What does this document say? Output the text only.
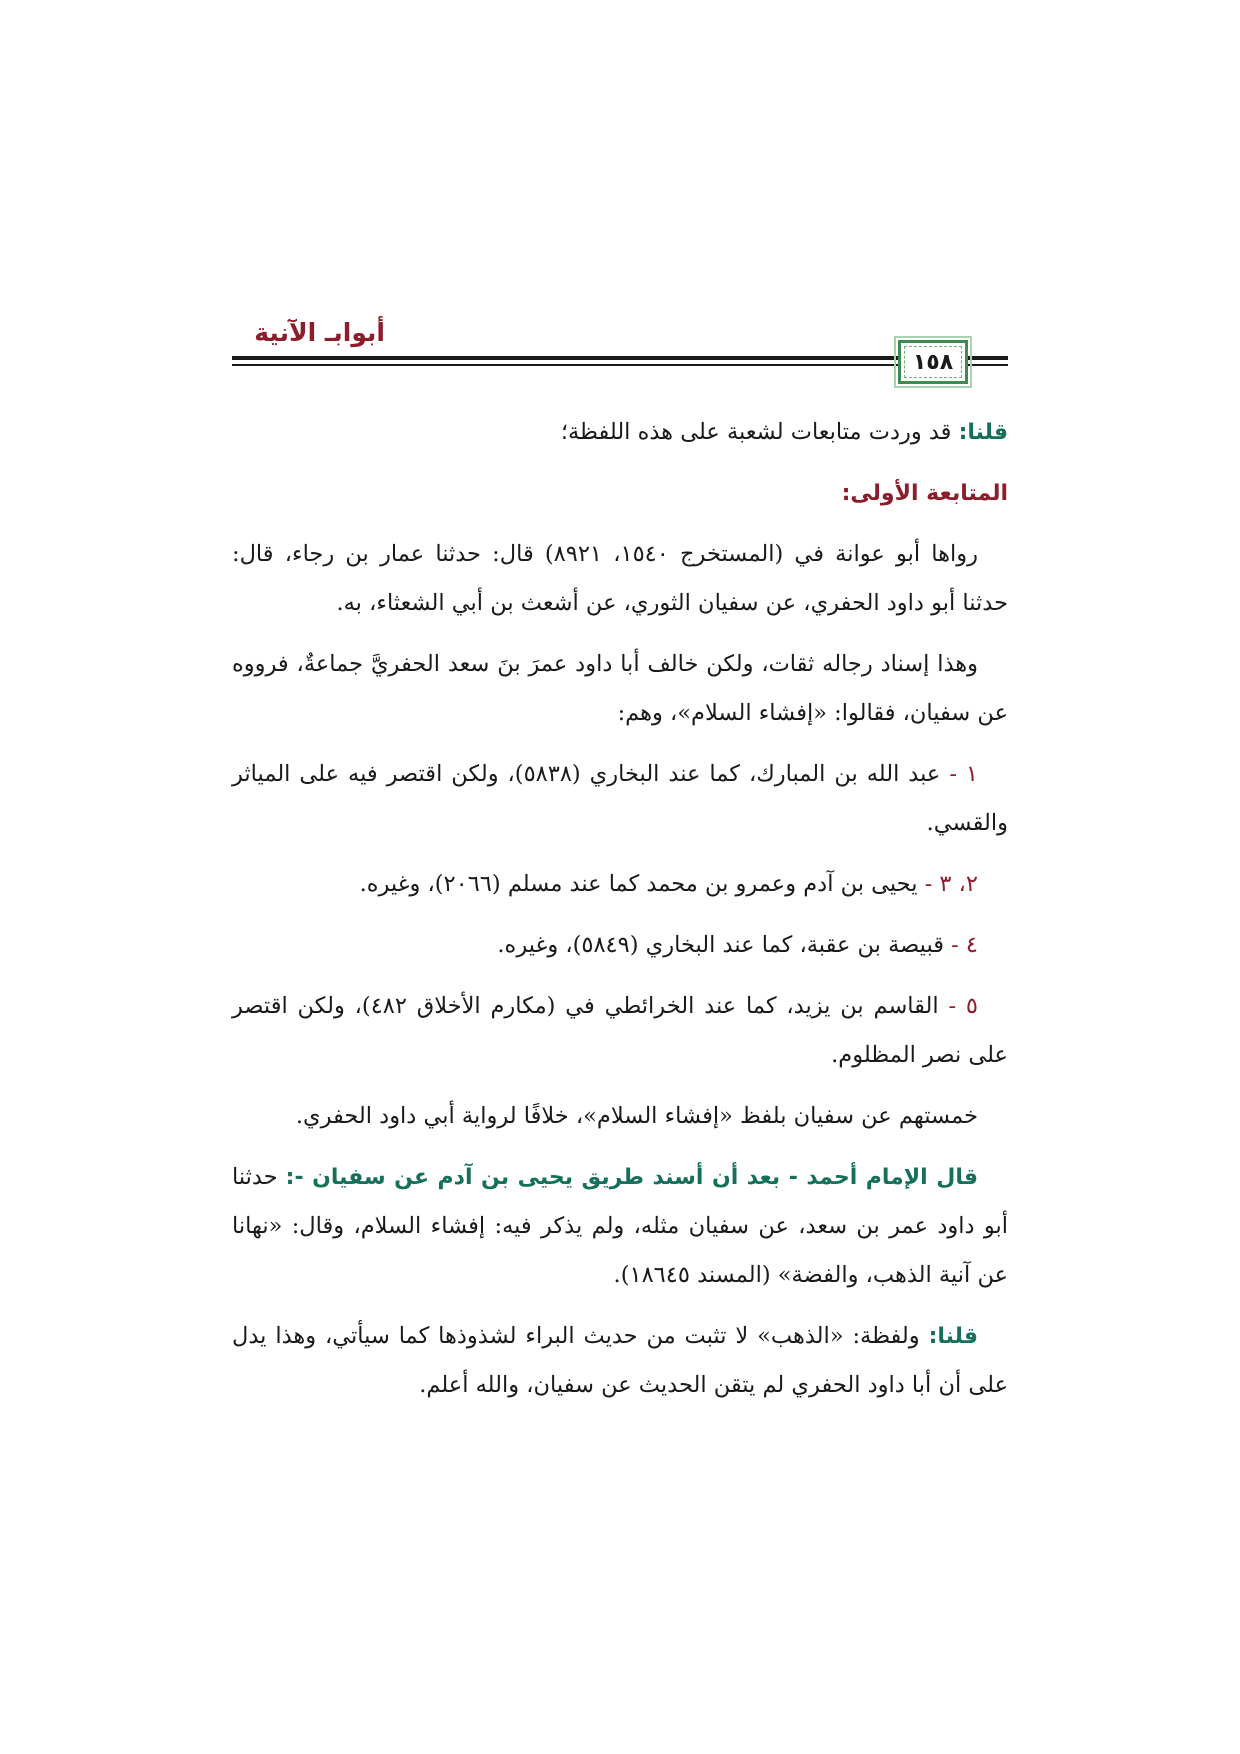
أبوابـ الآنية
١٥٨

قلنا: قد وردت متابعات لشعبة على هذه اللفظة؛

المتابعة الأولى:

رواها أبو عوانة في (المستخرج ١٥٤٠، ٨٩٢١) قال: حدثنا عمار بن رجاء، قال: حدثنا أبو داود الحفري، عن سفيان الثوري، عن أشعث بن أبي الشعثاء، به.

وهذا إسناد رجاله ثقات، ولكن خالف أبا داود عمرَ بنَ سعد الحفريَّ جماعةٌ، فرووه عن سفيان، فقالوا: «إفشاء السلام»، وهم:

١ - عبد الله بن المبارك، كما عند البخاري (٥٨٣٨)، ولكن اقتصر فيه على المياثر والقسي.

٢، ٣ - يحيى بن آدم وعمرو بن محمد كما عند مسلم (٢٠٦٦)، وغيره.

٤ - قبيصة بن عقبة، كما عند البخاري (٥٨٤٩)، وغيره.

٥ - القاسم بن يزيد، كما عند الخرائطي في (مكارم الأخلاق ٤٨٢)، ولكن اقتصر على نصر المظلوم.

خمستهم عن سفيان بلفظ «إفشاء السلام»، خلافًا لرواية أبي داود الحفري.

قال الإمام أحمد - بعد أن أسند طريق يحيى بن آدم عن سفيان -: حدثنا أبو داود عمر بن سعد، عن سفيان مثله، ولم يذكر فيه: إفشاء السلام، وقال: «نهانا عن آنية الذهب، والفضة» (المسند ١٨٦٤٥).

قلنا: ولفظة: «الذهب» لا تثبت من حديث البراء لشذوذها كما سيأتي، وهذا يدل على أن أبا داود الحفري لم يتقن الحديث عن سفيان، والله أعلم.
